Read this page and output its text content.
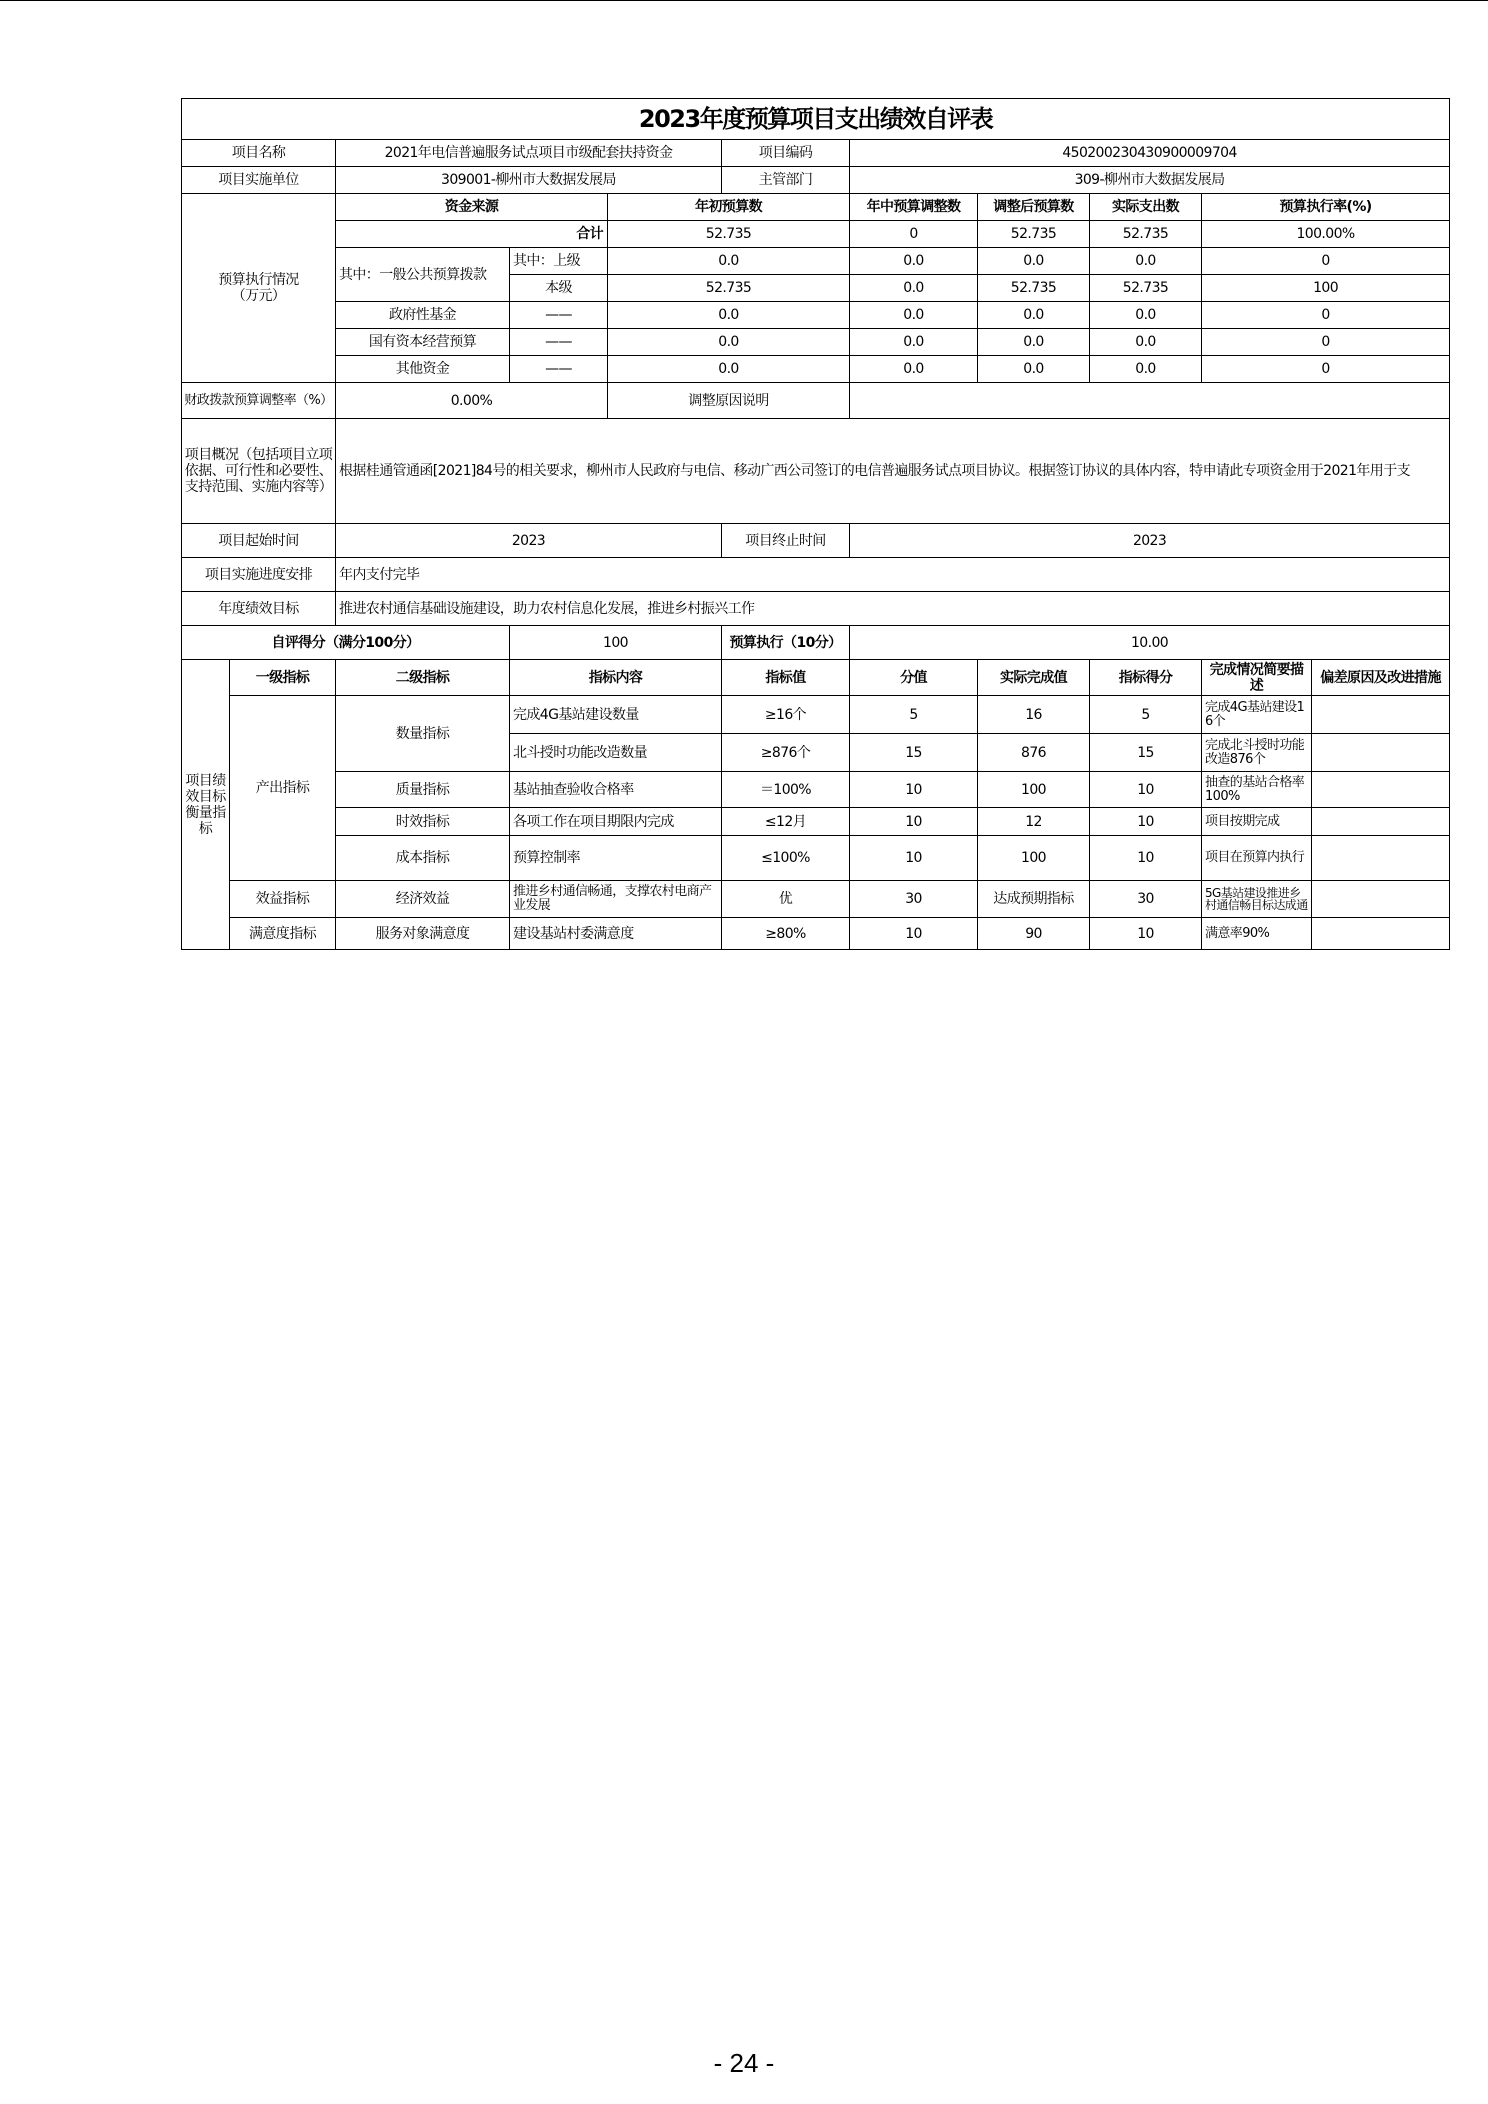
2023年度预算项目支出绩效自评表										
项目名称		2021年电信普遍服务试点项目市级配套扶持资金			项目编码	450200230430900009704				
项目实施单位		309001-柳州市大数据发展局			主管部门	309-柳州市大数据发展局				
预算执行情况
（万元）		资金来源		年初预算数		年中预算调整数	调整后预算数	实际支出数	预算执行率(%)	
		合计		52.735		0	52.735	52.735	100.00%	
		其中：一般公共预算拨款	其中：上级	0.0		0.0	0.0	0.0	0	
			本级	52.735		0.0	52.735	52.735	100	
		政府性基金	——	0.0		0.0	0.0	0.0	0	
		国有资本经营预算	——	0.0		0.0	0.0	0.0	0	
		其他资金	——	0.0		0.0	0.0	0.0	0	
财政拨款预算调整率（%）		0.00%		调整原因说明						
项目概况（包括项目立项依据、可行性和必要性、支持范围、实施内容等）		根据桂通管通函[2021]84号的相关要求，柳州市人民政府与电信、移动广西公司签订的电信普遍服务试点项目协议。根据签订协议的具体内容，特申请此专项资金用于2021年用于支								
项目起始时间		2023			项目终止时间	2023				
项目实施进度安排		年内支付完毕								
年度绩效目标		推进农村通信基础设施建设，助力农村信息化发展，推进乡村振兴工作								
自评得分（满分100分）			100		预算执行（10分）	10.00				
项目绩效目标衡量指标	一级指标	二级指标	指标内容		指标值	分值	实际完成值	指标得分	完成情况简要描述	偏差原因及改进措施
	产出指标	数量指标	完成4G基站建设数量		≥16个	5	16	5	完成4G基站建设16个	
			北斗授时功能改造数量		≥876个	15	876	15	完成北斗授时功能改造876个	
		质量指标	基站抽查验收合格率		＝100%	10	100	10	抽查的基站合格率100%	
		时效指标	各项工作在项目期限内完成		≤12月	10	12	10	项目按期完成	
		成本指标	预算控制率		≤100%	10	100	10	项目在预算内执行	
	效益指标	经济效益	推进乡村通信畅通，支撑农村电商产业发展		优	30	达成预期指标	30	5G基站建设推进乡村通信畅目标达成通	
	满意度指标	服务对象满意度	建设基站村委满意度		≥80%	10	90	10	满意率90%	
- 24 -
